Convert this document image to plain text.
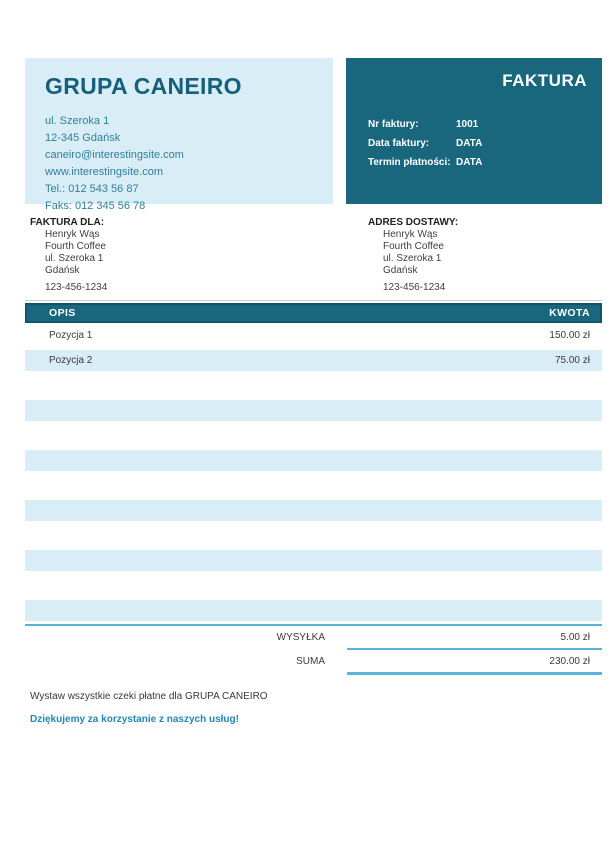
GRUPA CANEIRO
ul. Szeroka 1
12-345 Gdańsk
caneiro@interestingsite.com
www.interestingsite.com
Tel.: 012 543 56 87
Faks: 012 345 56 78
FAKTURA
Nr faktury:	1001
Data faktury:	DATA
Termin płatności: DATA
FAKTURA DLA:
Henryk Wąs
Fourth Coffee
ul. Szeroka 1
Gdańsk
123-456-1234
ADRES DOSTAWY:
Henryk Wąs
Fourth Coffee
ul. Szeroka 1
Gdańsk
123-456-1234
OPIS	KWOTA
Pozycja 1	150.00 zł
Pozycja 2	75.00 zł
WYSYŁKA	5.00 zł
SUMA	230.00 zł
Wystaw wszystkie czeki płatne dla GRUPA CANEIRO
Dziękujemy za korzystanie z naszych usług!
